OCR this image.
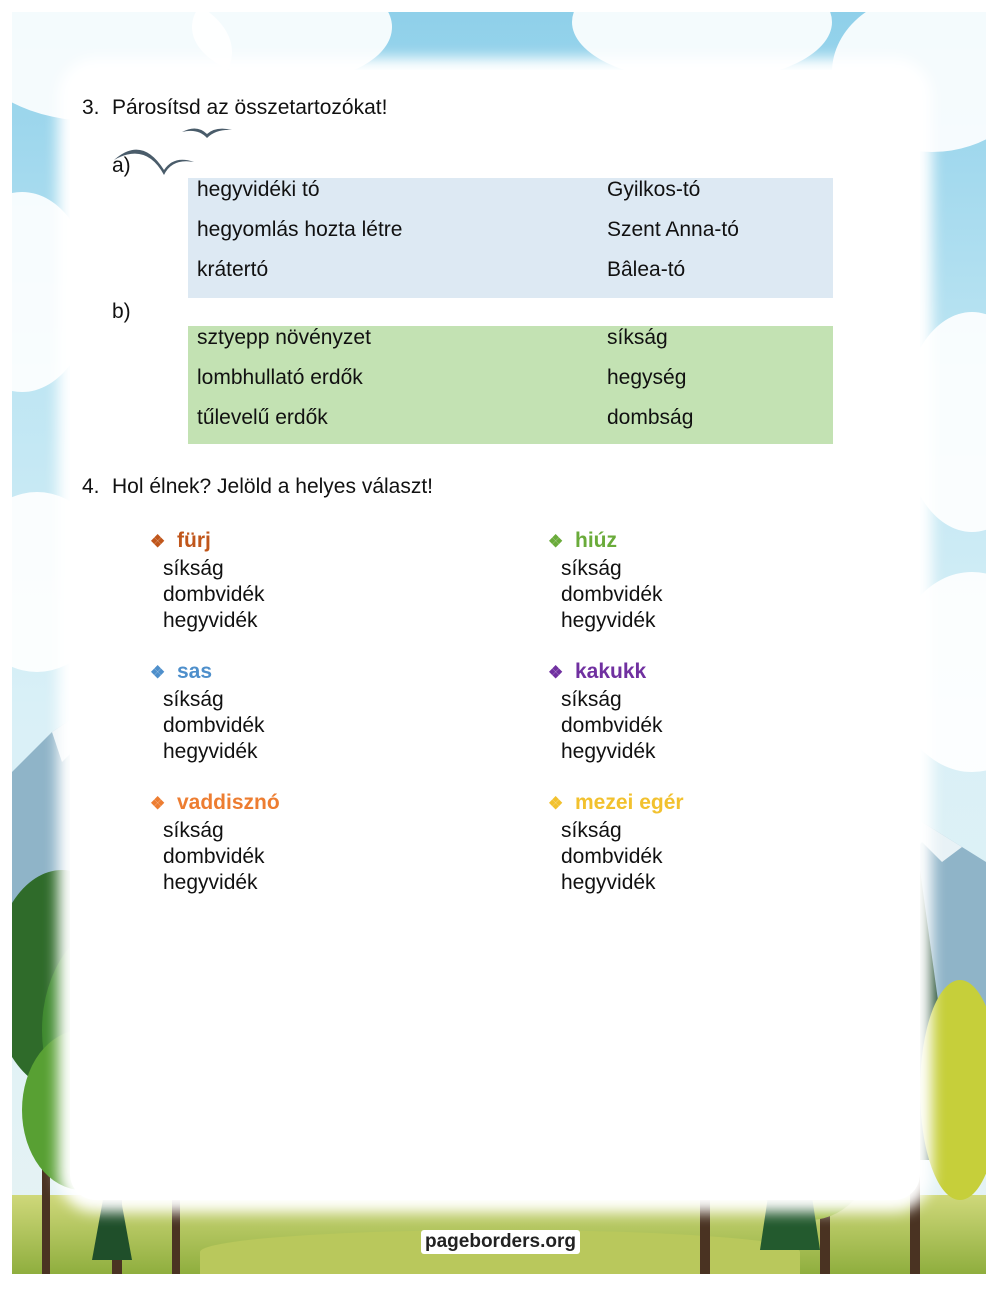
3. Párosítsd az összetartozókat!
a)
hegyvidéki tó	Gyilkos-tó
hegyomlás hozta létre	Szent Anna-tó
krátertó	Bâlea-tó
b)
sztyepp növényzet	síkság
lombhullató erdők	hegység
tűlevelű erdők	dombság
4. Hol élnek? Jelöld a helyes választ!
❖ fürj
síkság
dombvidék
hegyvidék
❖ hiúz
síkság
dombvidék
hegyvidék
❖ sas
síkság
dombvidék
hegyvidék
❖ kakukk
síkság
dombvidék
hegyvidék
❖ vaddisznó
síkság
dombvidék
hegyvidék
❖ mezei egér
síkság
dombvidék
hegyvidék
pageborders.org
